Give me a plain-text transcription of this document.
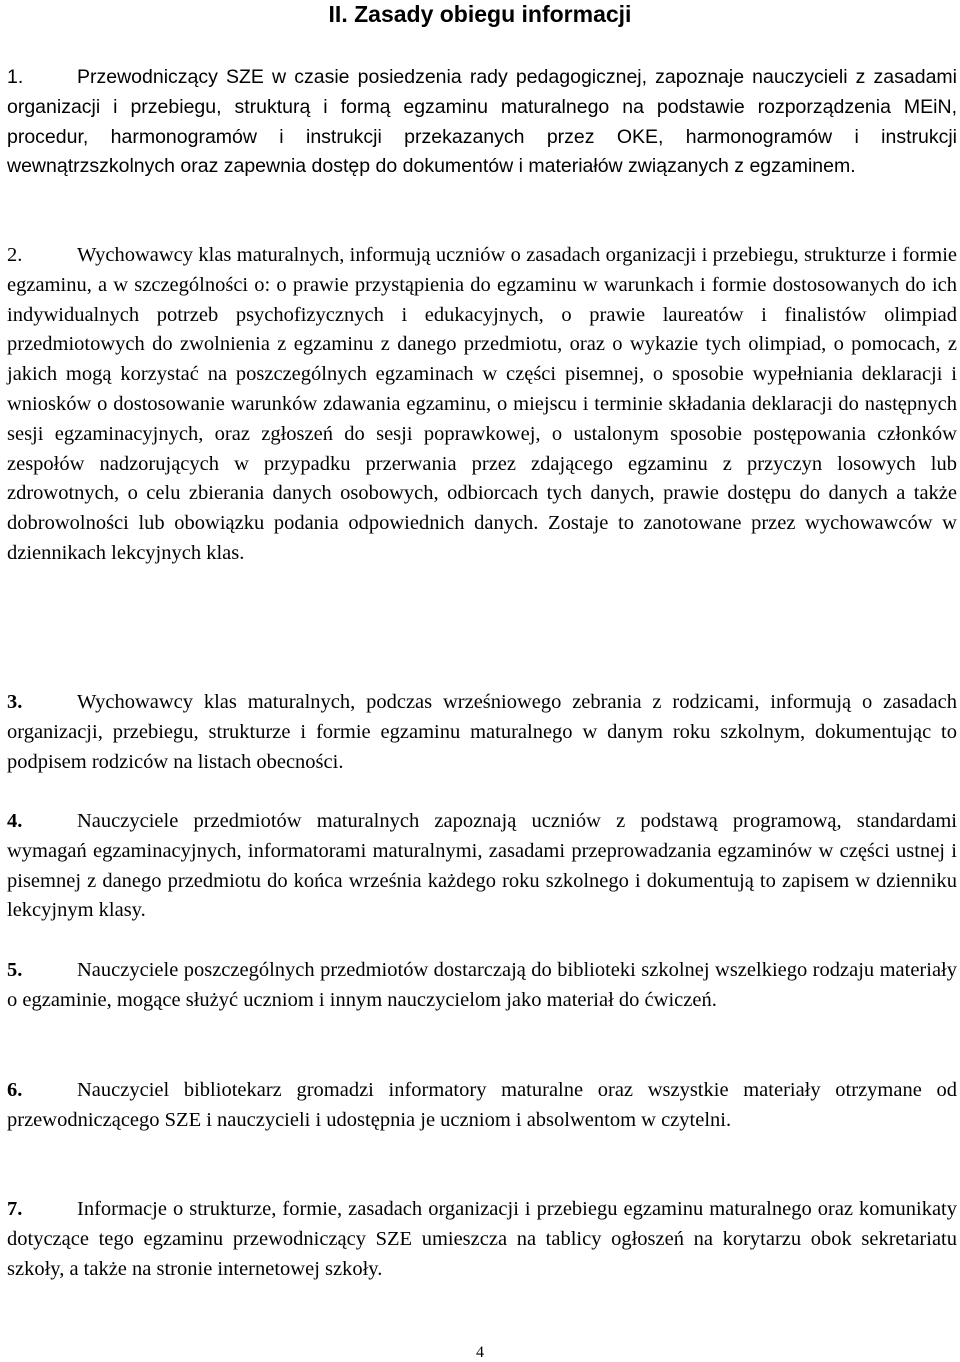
II. Zasady obiegu informacji

1.	Przewodniczący SZE w czasie posiedzenia rady pedagogicznej, zapoznaje nauczycieli z zasadami organizacji i przebiegu, strukturą i formą egzaminu maturalnego na podstawie rozporządzenia MEiN, procedur, harmonogramów i instrukcji przekazanych przez OKE, harmonogramów i instrukcji wewnątrzszkolnych oraz zapewnia dostęp do dokumentów i materiałów związanych z egzaminem.

2.	Wychowawcy klas maturalnych, informują uczniów o zasadach organizacji i przebiegu, strukturze i formie egzaminu, a w szczególności o: o prawie przystąpienia do egzaminu w warunkach i formie dostosowanych do ich indywidualnych potrzeb psychofizycznych i edukacyjnych, o prawie laureatów i finalistów olimpiad przedmiotowych do zwolnienia z egzaminu z danego przedmiotu, oraz o wykazie tych olimpiad, o pomocach, z jakich mogą korzystać na poszczególnych egzaminach w części pisemnej, o sposobie wypełniania deklaracji i wniosków o dostosowanie warunków zdawania egzaminu, o miejscu i terminie składania deklaracji do następnych sesji egzaminacyjnych, oraz zgłoszeń do sesji poprawkowej, o ustalonym sposobie postępowania członków zespołów nadzorujących w przypadku przerwania przez zdającego egzaminu z przyczyn losowych lub zdrowotnych, o celu zbierania danych osobowych, odbiorcach tych danych, prawie dostępu do danych a także dobrowolności lub obowiązku podania odpowiednich danych. Zostaje to zanotowane przez wychowawców w dziennikach lekcyjnych klas.

3.	Wychowawcy klas maturalnych, podczas wrześniowego zebrania z rodzicami, informują o zasadach organizacji, przebiegu, strukturze i formie egzaminu maturalnego w danym roku szkolnym, dokumentując to podpisem rodziców na listach obecności.

4.	Nauczyciele przedmiotów maturalnych zapoznają uczniów z podstawą programową, standardami wymagań egzaminacyjnych, informatorami maturalnymi, zasadami przeprowadzania egzaminów w części ustnej i pisemnej z danego przedmiotu do końca września każdego roku szkolnego i dokumentują to zapisem w dzienniku lekcyjnym klasy.

5.	Nauczyciele poszczególnych przedmiotów dostarczają do biblioteki szkolnej wszelkiego rodzaju materiały o egzaminie, mogące służyć uczniom i innym nauczycielom jako materiał do ćwiczeń.

6.	Nauczyciel bibliotekarz gromadzi informatory maturalne oraz wszystkie materiały otrzymane od przewodniczącego SZE i nauczycieli i udostępnia je uczniom i absolwentom w czytelni.

7.	Informacje o strukturze, formie, zasadach organizacji i przebiegu egzaminu maturalnego oraz komunikaty dotyczące tego egzaminu przewodniczący SZE umieszcza na tablicy ogłoszeń na korytarzu obok sekretariatu szkoły, a także na stronie internetowej szkoły.

4
